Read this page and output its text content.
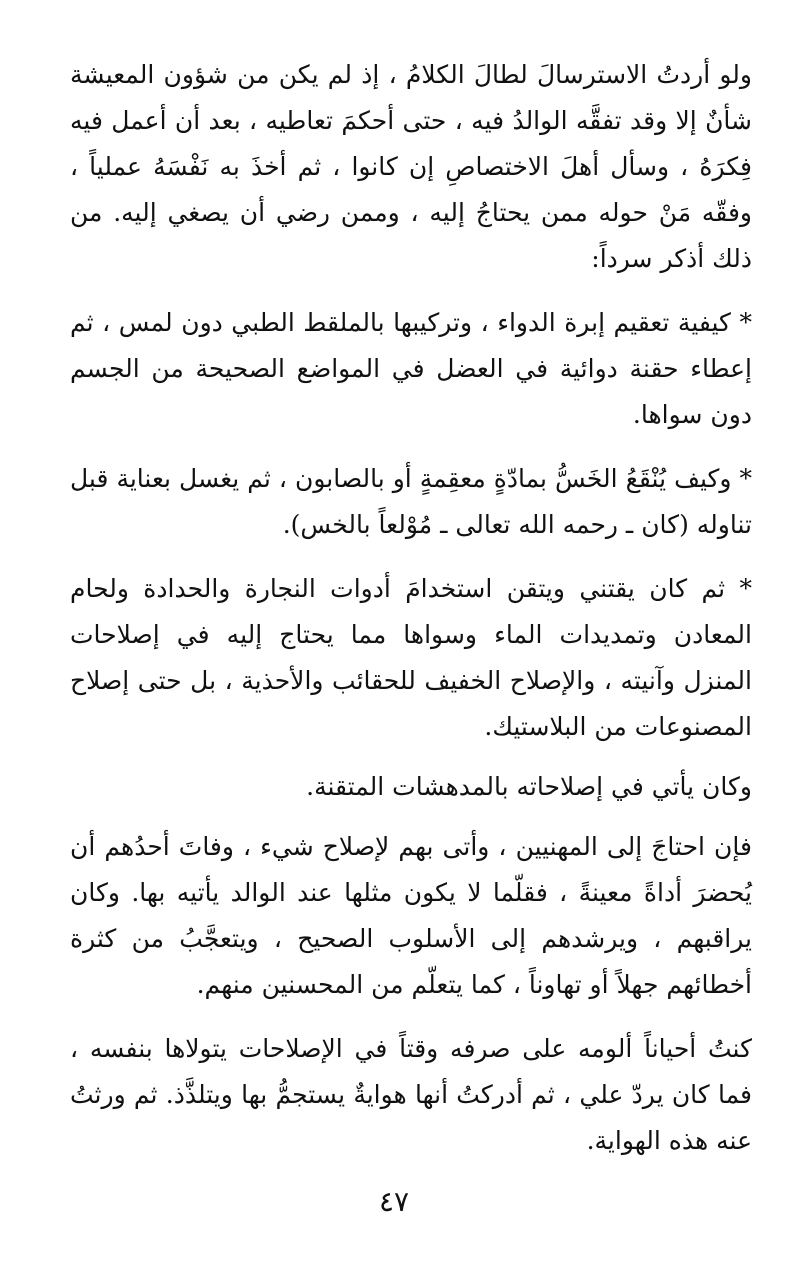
ولو أردتُ الاسترسالَ لطالَ الكلامُ ، إذ لم يكن من شؤون المعيشة شأنٌ إلا وقد تفقَّه الوالدُ فيه ، حتى أحكمَ تعاطيه ، بعد أن أعمل فيه فِكرَهُ ، وسأل أهلَ الاختصاصِ إن كانوا ، ثم أخذَ به نَفْسَهُ عملياً ، وفقّه مَنْ حوله ممن يحتاجُ إليه ، وممن رضي أن يصغي إليه. من ذلك أذكر سرداً:

* كيفية تعقيم إبرة الدواء ، وتركيبها بالملقط الطبي دون لمس ، ثم إعطاء حقنة دوائية في العضل في المواضع الصحيحة من الجسم دون سواها.

* وكيف يُنْقَعُ الخَسُّ بمادّةٍ معقِمةٍ أو بالصابون ، ثم يغسل بعناية قبل تناوله (كان ـ رحمه الله تعالى ـ مُوْلعاً بالخس).

* ثم كان يقتني ويتقن استخدامَ أدوات النجارة والحدادة ولحام المعادن وتمديدات الماء وسواها مما يحتاج إليه في إصلاحات المنزل وآنيته ، والإصلاح الخفيف للحقائب والأحذية ، بل حتى إصلاح المصنوعات من البلاستيك.

وكان يأتي في إصلاحاته بالمدهشات المتقنة.

فإن احتاجَ إلى المهنيين ، وأتى بهم لإصلاح شيء ، وفاتَ أحدُهم أن يُحضرَ أداةً معينةً ، فقلّما لا يكون مثلها عند الوالد يأتيه بها. وكان يراقبهم ، ويرشدهم إلى الأسلوب الصحيح ، ويتعجَّبُ من كثرة أخطائهم جهلاً أو تهاوناً ، كما يتعلّم من المحسنين منهم.

كنتُ أحياناً ألومه على صرفه وقتاً في الإصلاحات يتولاها بنفسه ، فما كان يردّ علي ، ثم أدركتُ أنها هوايةٌ يستجمُّ بها ويتلذَّذ. ثم ورثتُ عنه هذه الهواية.

٤٧
